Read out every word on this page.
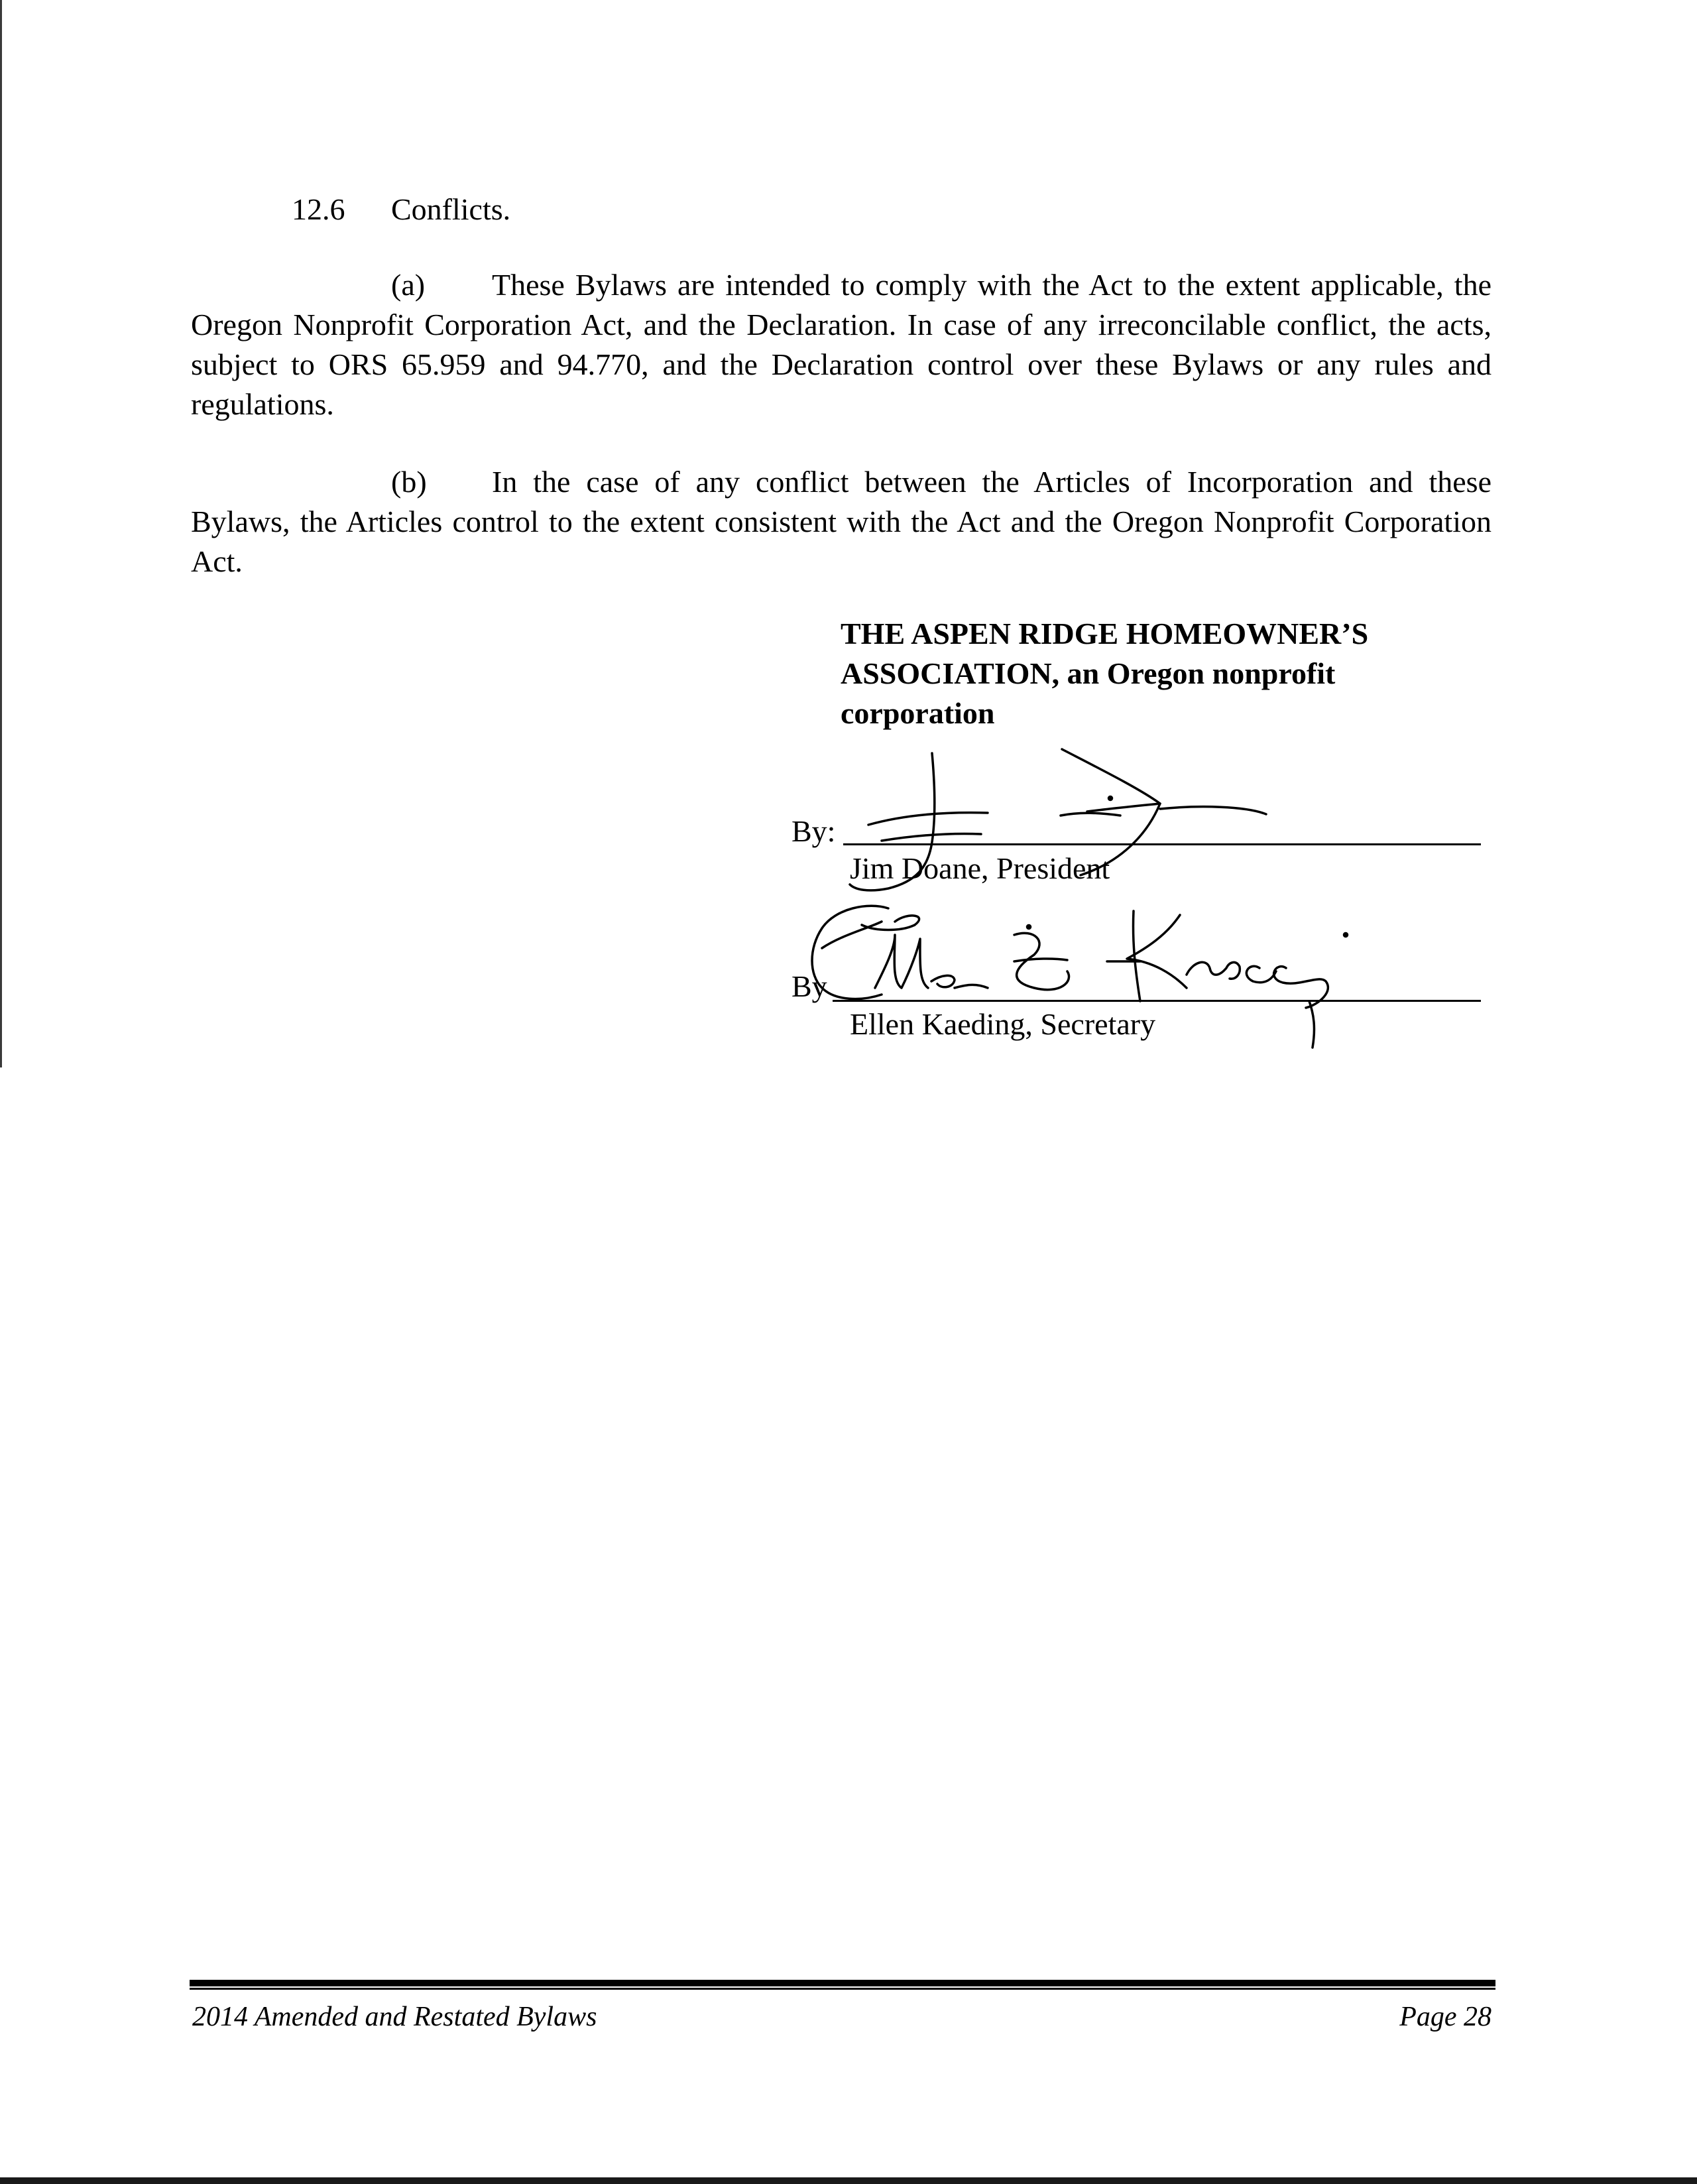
12.6 Conflicts.
(a) These Bylaws are intended to comply with the Act to the extent applicable, the Oregon Nonprofit Corporation Act, and the Declaration. In case of any irreconcilable conflict, the acts, subject to ORS 65.959 and 94.770, and the Declaration control over these Bylaws or any rules and regulations.
(b) In the case of any conflict between the Articles of Incorporation and these Bylaws, the Articles control to the extent consistent with the Act and the Oregon Nonprofit Corporation Act.
THE ASPEN RIDGE HOMEOWNER’S ASSOCIATION, an Oregon nonprofit corporation
By:
Jim Doane, President
By
Ellen Kaeding, Secretary
2014 Amended and Restated Bylaws	Page 28
